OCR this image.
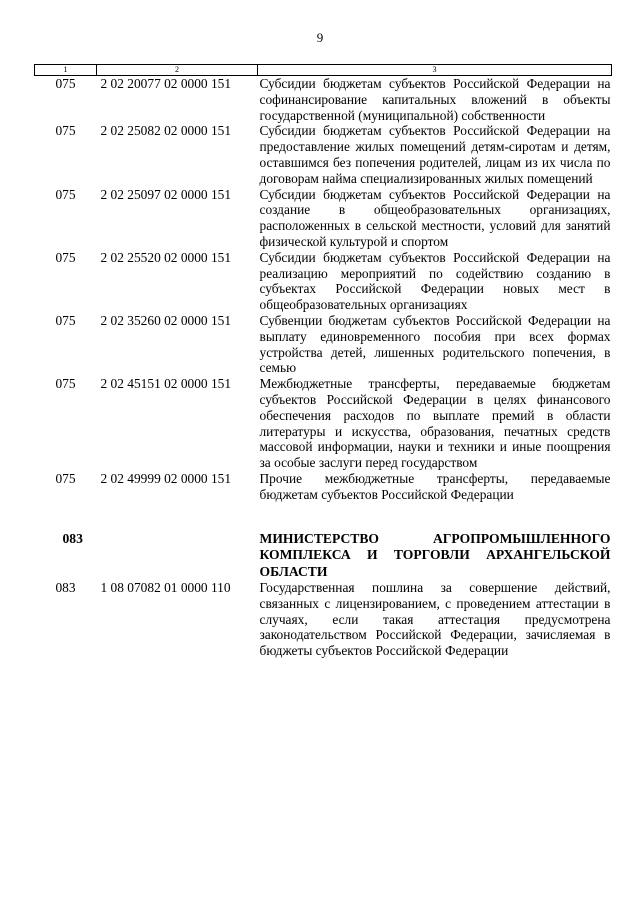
9
1	2	3
075	2 02 20077 02 0000 151	Субсидии бюджетам субъектов Российской Федерации на софинансирование капитальных вложений в объекты государственной (муниципальной) собственности
075	2 02 25082 02 0000 151	Субсидии бюджетам субъектов Российской Федерации на предоставление жилых помещений детям-сиротам и детям, оставшимся без попечения родителей, лицам из их числа по договорам найма специализированных жилых помещений
075	2 02 25097 02 0000 151	Субсидии бюджетам субъектов Российской Федерации на создание в общеобразовательных организациях, расположенных в сельской местности, условий для занятий физической культурой и спортом
075	2 02 25520 02 0000 151	Субсидии бюджетам субъектов Российской Федерации на реализацию мероприятий по содействию созданию в субъектах Российской Федерации новых мест в общеобразовательных организациях
075	2 02 35260 02 0000 151	Субвенции бюджетам субъектов Российской Федерации на выплату единовременного пособия при всех формах устройства детей, лишенных родительского попечения, в семью
075	2 02 45151 02 0000 151	Межбюджетные трансферты, передаваемые бюджетам субъектов Российской Федерации в целях финансового обеспечения расходов по выплате премий в области литературы и искусства, образования, печатных средств массовой информации, науки и техники и иные поощрения за особые заслуги перед государством
075	2 02 49999 02 0000 151	Прочие межбюджетные трансферты, передаваемые бюджетам субъектов Российской Федерации

083		МИНИСТЕРСТВО АГРОПРОМЫШЛЕННОГО КОМПЛЕКСА И ТОРГОВЛИ АРХАНГЕЛЬСКОЙ ОБЛАСТИ
083	1 08 07082 01 0000 110	Государственная пошлина за совершение действий, связанных с лицензированием, с проведением аттестации в случаях, если такая аттестация предусмотрена законодательством Российской Федерации, зачисляемая в бюджеты субъектов Российской Федерации
